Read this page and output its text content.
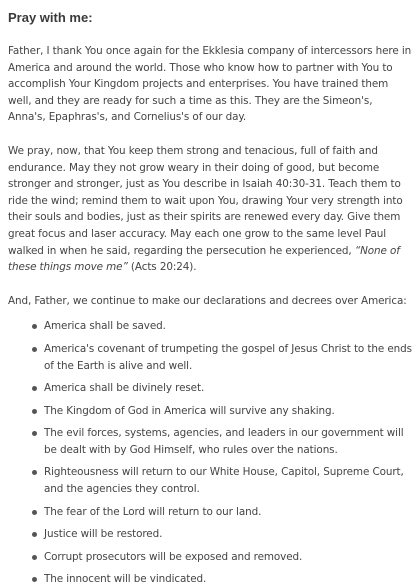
Pray with me:

Father, I thank You once again for the Ekklesia company of intercessors here in America and around the world. Those who know how to partner with You to accomplish Your Kingdom projects and enterprises. You have trained them well, and they are ready for such a time as this. They are the Simeon's, Anna's, Epaphras's, and Cornelius's of our day.

We pray, now, that You keep them strong and tenacious, full of faith and endurance. May they not grow weary in their doing of good, but become stronger and stronger, just as You describe in Isaiah 40:30-31. Teach them to ride the wind; remind them to wait upon You, drawing Your very strength into their souls and bodies, just as their spirits are renewed every day. Give them great focus and laser accuracy. May each one grow to the same level Paul walked in when he said, regarding the persecution he experienced, “None of these things move me” (Acts 20:24).

And, Father, we continue to make our declarations and decrees over America:

America shall be saved.
America's covenant of trumpeting the gospel of Jesus Christ to the ends of the Earth is alive and well.
America shall be divinely reset.
The Kingdom of God in America will survive any shaking.
The evil forces, systems, agencies, and leaders in our government will be dealt with by God Himself, who rules over the nations.
Righteousness will return to our White House, Capitol, Supreme Court, and the agencies they control.
The fear of the Lord will return to our land.
Justice will be restored.
Corrupt prosecutors will be exposed and removed.
The innocent will be vindicated.
